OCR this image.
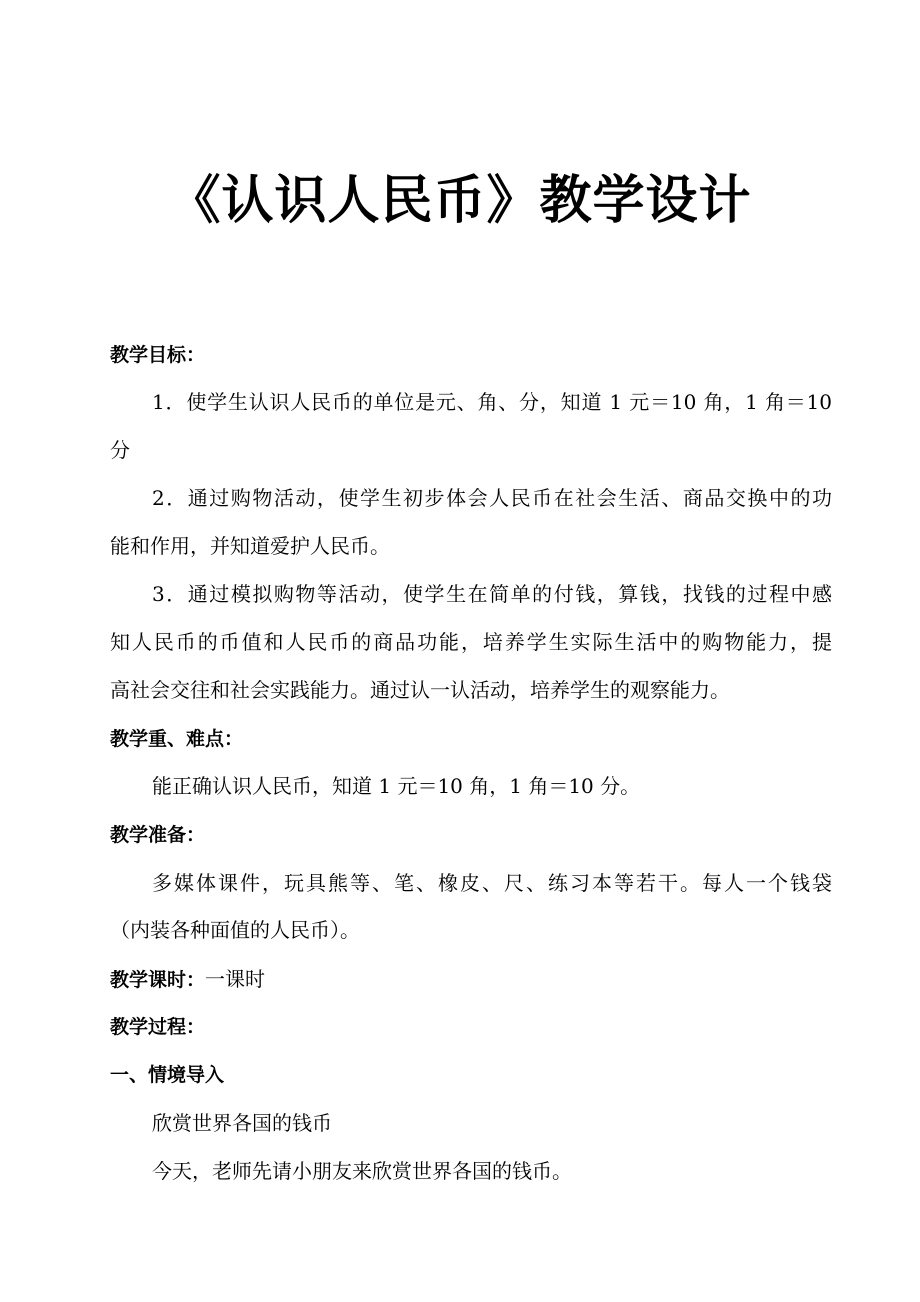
《认识人民币》教学设计
教学目标：
1．使学生认识人民币的单位是元、角、分，知道 1 元＝10 角，1 角＝10
分
2．通过购物活动，使学生初步体会人民币在社会生活、商品交换中的功
能和作用，并知道爱护人民币。
3．通过模拟购物等活动，使学生在简单的付钱，算钱，找钱的过程中感
知人民币的币值和人民币的商品功能，培养学生实际生活中的购物能力，提
高社会交往和社会实践能力。通过认一认活动，培养学生的观察能力。
教学重、难点：
能正确认识人民币，知道 1 元＝10 角，1 角＝10 分。
教学准备：
多媒体课件，玩具熊等、笔、橡皮、尺、练习本等若干。每人一个钱袋
（内装各种面值的人民币）。
教学课时：一课时
教学过程：
一、情境导入
欣赏世界各国的钱币
今天，老师先请小朋友来欣赏世界各国的钱币。
